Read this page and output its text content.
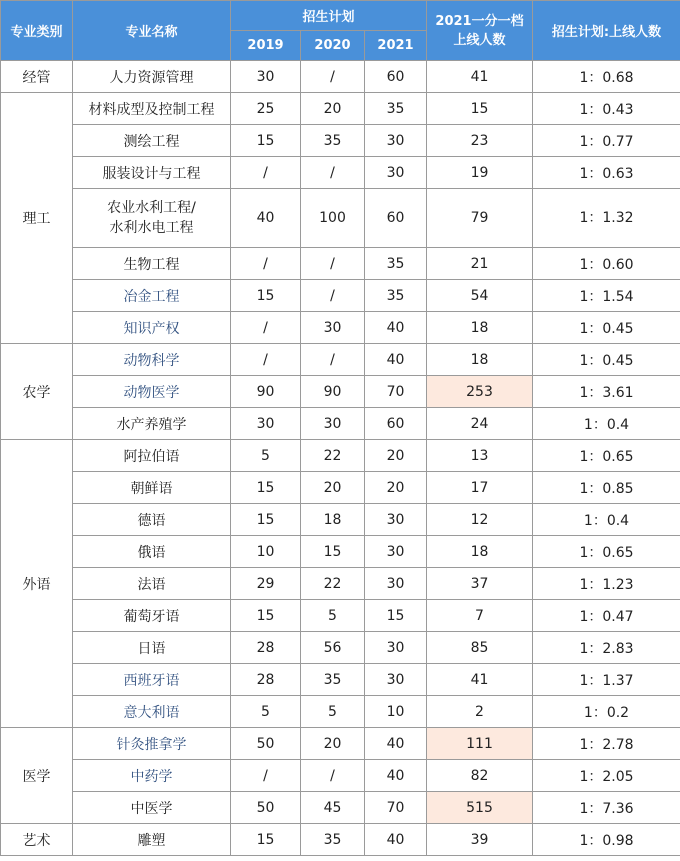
专业类别	专业名称	招生计划			2021一分一档
上线人数	招生计划:上线人数
		2019	2020	2021		
经管	人力资源管理	30	/	60	41	1：0.68
理工	材料成型及控制工程	25	20	35	15	1：0.43
	测绘工程	15	35	30	23	1：0.77
	服装设计与工程	/	/	30	19	1：0.63
	农业水利工程/
水利水电工程	40	100	60	79	1：1.32
	生物工程	/	/	35	21	1：0.60
	冶金工程	15	/	35	54	1：1.54
	知识产权	/	30	40	18	1：0.45
农学	动物科学	/	/	40	18	1：0.45
	动物医学	90	90	70	253	1：3.61
	水产养殖学	30	30	60	24	1：0.4
外语	阿拉伯语	5	22	20	13	1：0.65
	朝鲜语	15	20	20	17	1：0.85
	德语	15	18	30	12	1：0.4
	俄语	10	15	30	18	1：0.65
	法语	29	22	30	37	1：1.23
	葡萄牙语	15	5	15	7	1：0.47
	日语	28	56	30	85	1：2.83
	西班牙语	28	35	30	41	1：1.37
	意大利语	5	5	10	2	1：0.2
医学	针灸推拿学	50	20	40	111	1：2.78
	中药学	/	/	40	82	1：2.05
	中医学	50	45	70	515	1：7.36
艺术	雕塑	15	35	40	39	1：0.98
